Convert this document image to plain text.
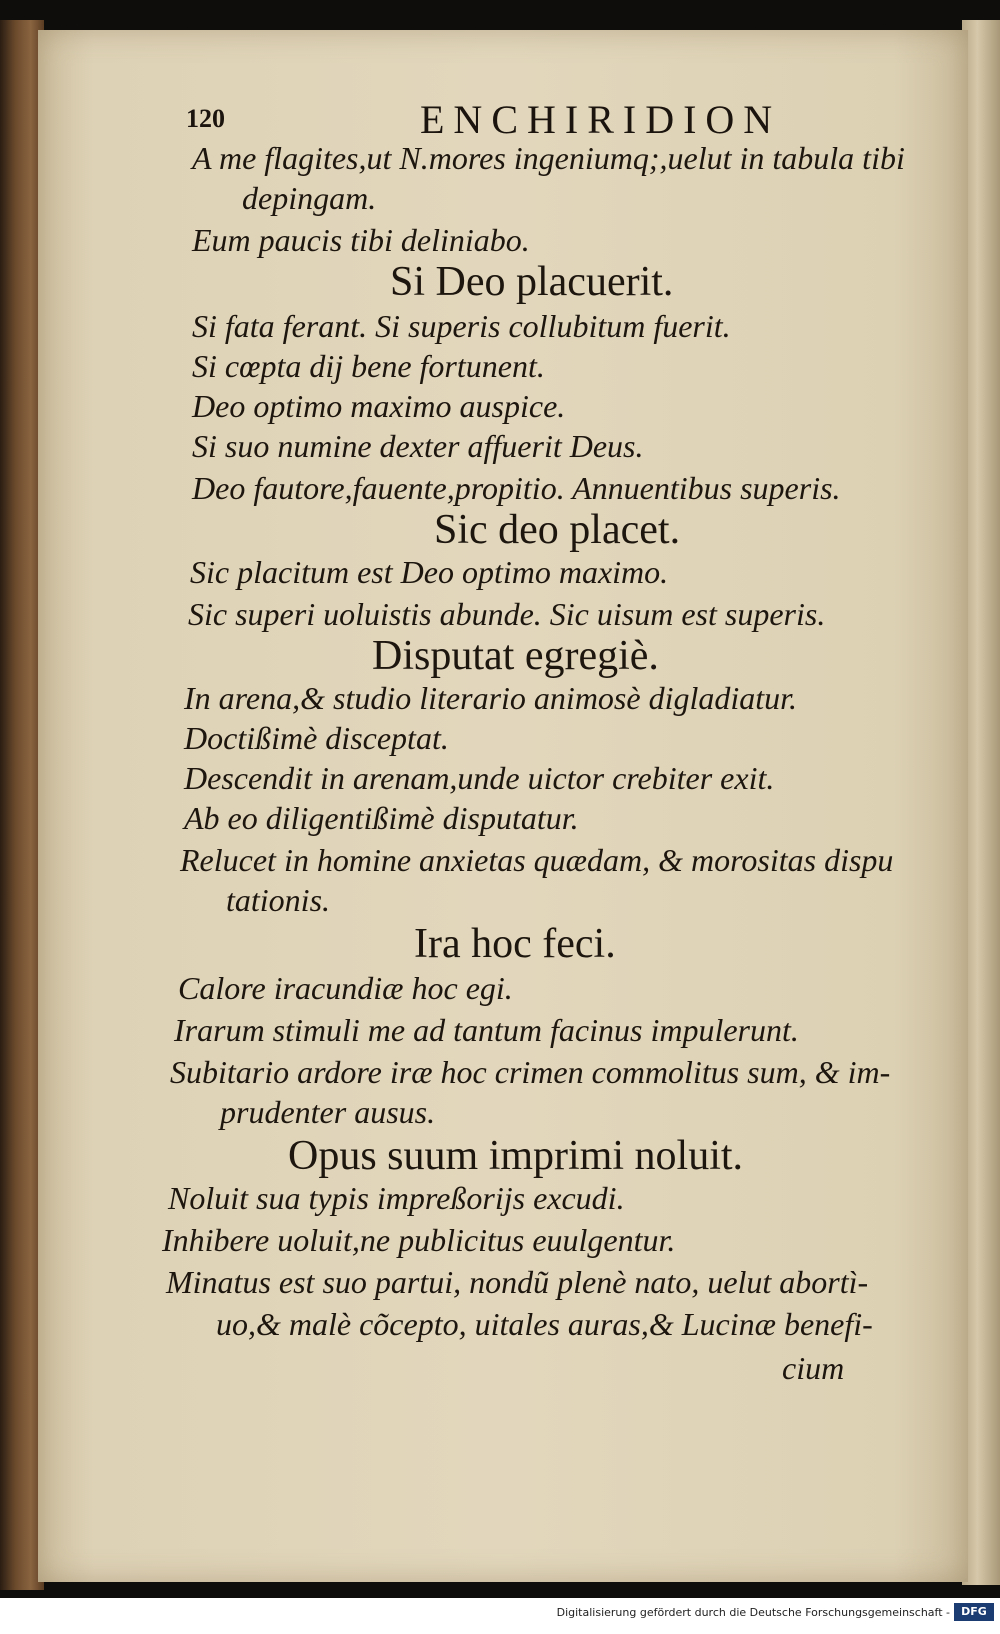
120	ENCHIRIDION
A me flagites,ut N.mores ingeniumq;,uelut in tabula tibi
depingam.
Eum paucis tibi deliniabo.
Si Deo placuerit.
Si fata ferant. Si superis collubitum fuerit.
Si cœpta dij bene fortunent.
Deo optimo maximo auspice.
Si suo numine dexter affuerit Deus.
Deo fautore,fauente,propitio. Annuentibus superis.
Sic deo placet.
Sic placitum est Deo optimo maximo.
Sic superi uoluistis abunde. Sic uisum est superis.
Disputat egregiè.
In arena,& studio literario animosè digladiatur.
Doctißimè disceptat.
Descendit in arenam,unde uictor crebiter exit.
Ab eo diligentißimè disputatur.
Relucet in homine anxietas quædam, & morositas dispu
tationis.
Ira hoc feci.
Calore iracundiæ hoc egi.
Irarum stimuli me ad tantum facinus impulerunt.
Subitario ardore iræ hoc crimen commolitus sum, & im-
prudenter ausus.
Opus suum imprimi noluit.
Noluit sua typis impreßorijs excudi.
Inhibere uoluit,ne publicitus euulgentur.
Minatus est suo partui, nondũ plenè nato, uelut abortì-
uo,& malè cõcepto, uitales auras,& Lucinæ benefi-
cium
Digitalisierung gefördert durch die Deutsche Forschungsgemeinschaft -	DFG
